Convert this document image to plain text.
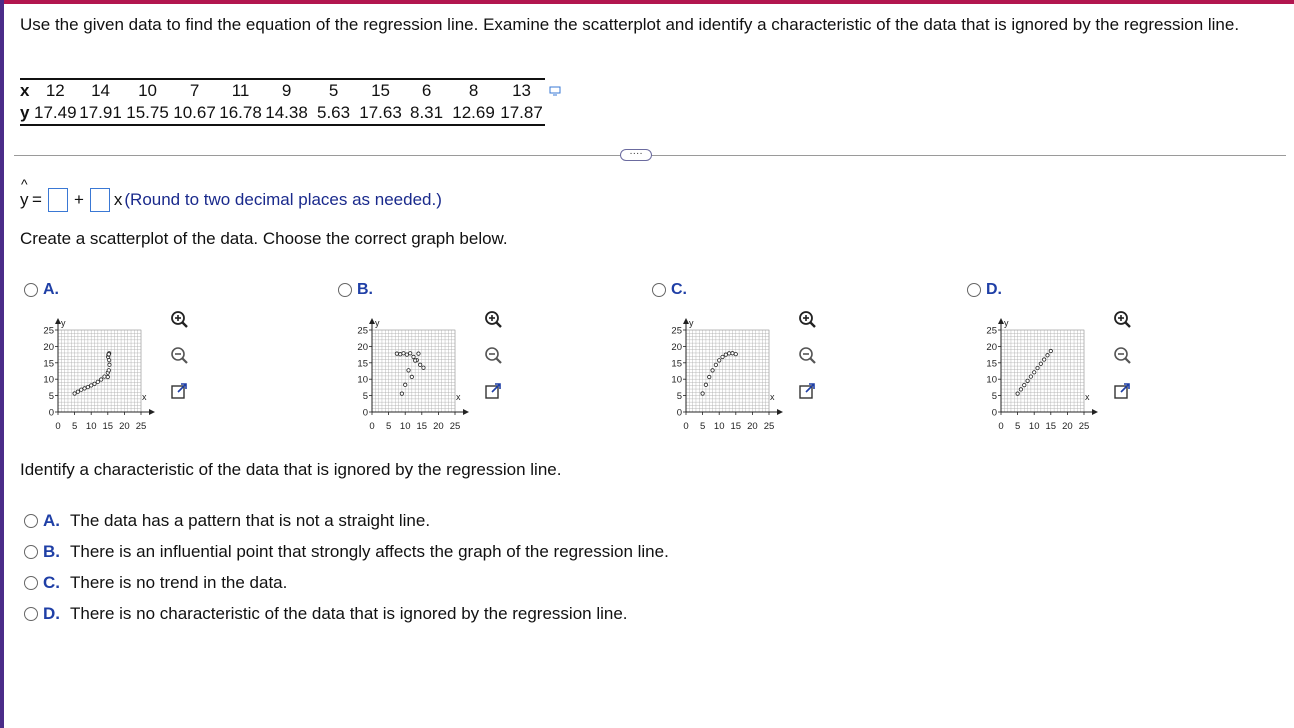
Use the given data to find the equation of the regression line. Examine the scatterplot and identify a characteristic of the data that is ignored by the regression line.
x	12	14	10	7	11	9	5	15	6	8	13
y	17.49	17.91	15.75	10.67	16.78	14.38	5.63	17.63	8.31	12.69	17.87
····
^
y = + x (Round to two decimal places as needed.)
Create a scatterplot of the data. Choose the correct graph below.
A.	B.	C.	D.
x
y
0 5 10 15 20 25
0
5
10
15
20
25
x
y
0 5 10 15 20 25
0
5
10
15
20
25
x
y
0 5 10 15 20 25
0
5
10
15
20
25
x
y
0 5 10 15 20 25
0
5
10
15
20
25
Identify a characteristic of the data that is ignored by the regression line.
A. The data has a pattern that is not a straight line.
B. There is an influential point that strongly affects the graph of the regression line.
C. There is no trend in the data.
D. There is no characteristic of the data that is ignored by the regression line.
